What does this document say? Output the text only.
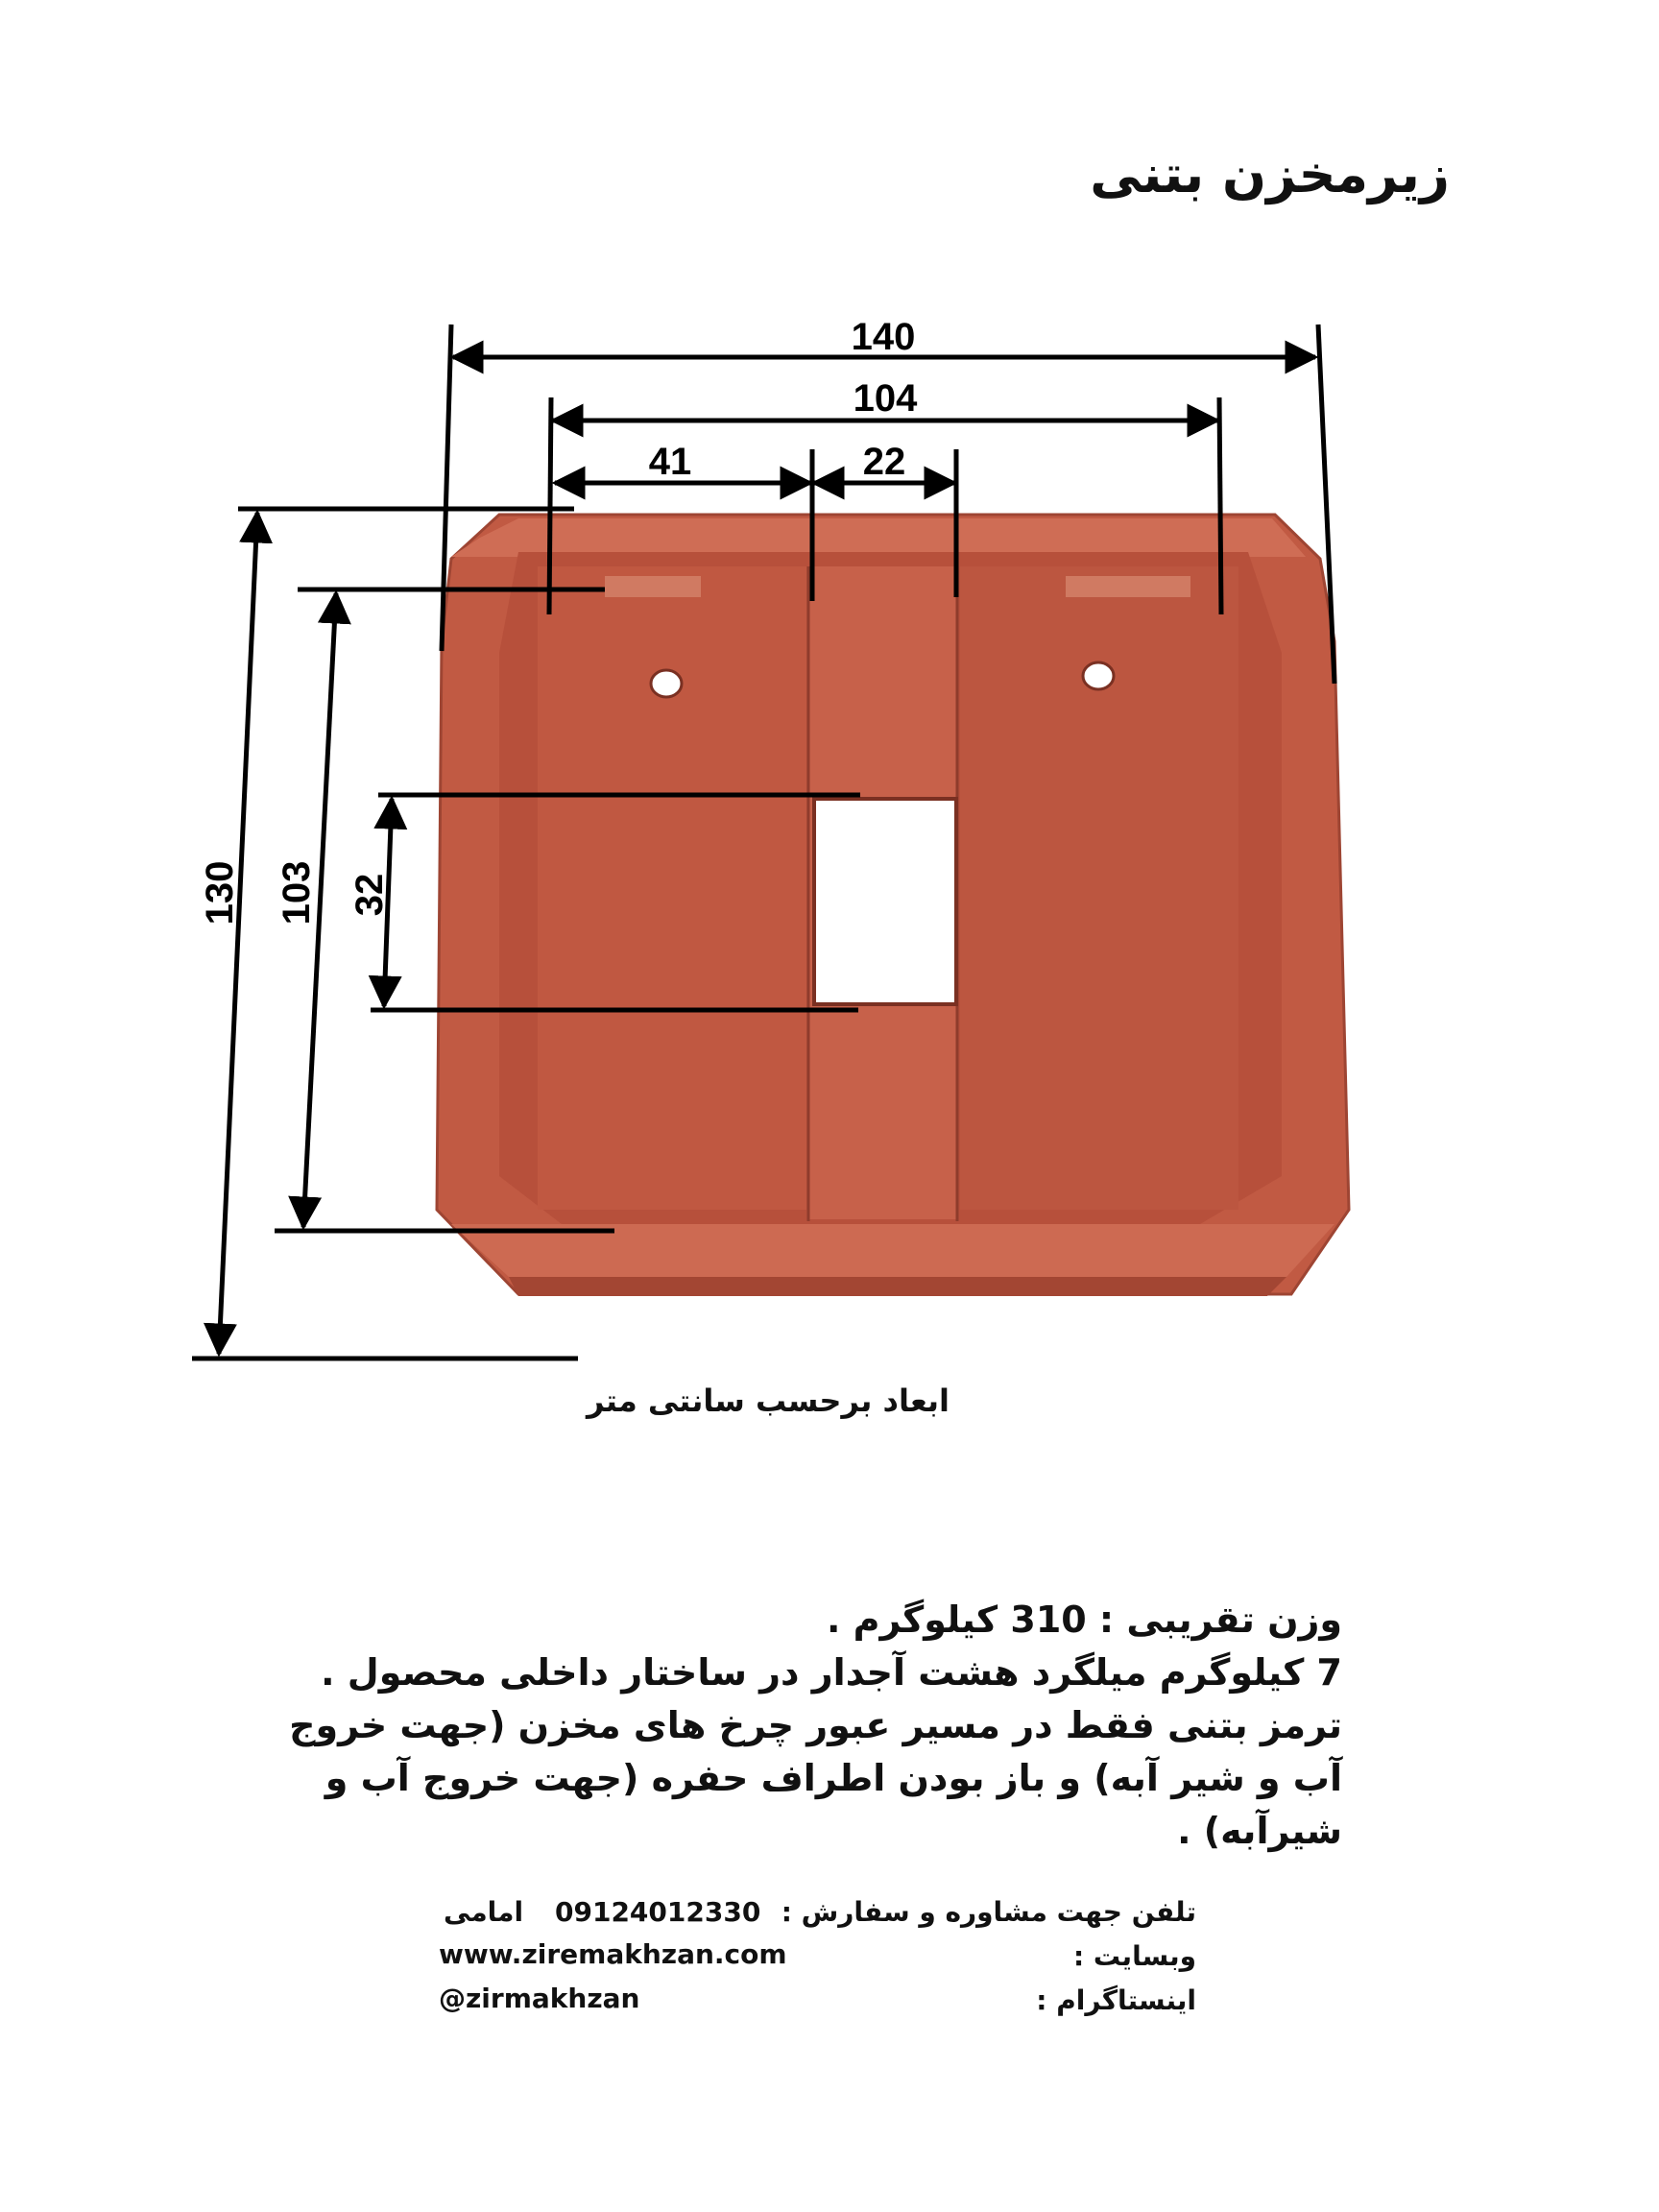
زیرمخزن بتنی
140
104
41	22
130 103 32
ابعاد برحسب سانتی متر

وزن تقریبی : 310 کیلوگرم .

7 کیلوگرم میلگرد هشت آجدار در ساختار داخلی محصول .

ترمز بتنی فقط در مسیر عبور چرخ های مخزن (جهت خروج آب و شیر آبه) و باز بودن اطراف حفره (جهت خروج آب و شیرآبه) .

تلفن جهت مشاوره و سفارش :
09124012330
امامی
وبسایت :
www.ziremakhzan.com
اینستاگرام :
@zirmakhzan
